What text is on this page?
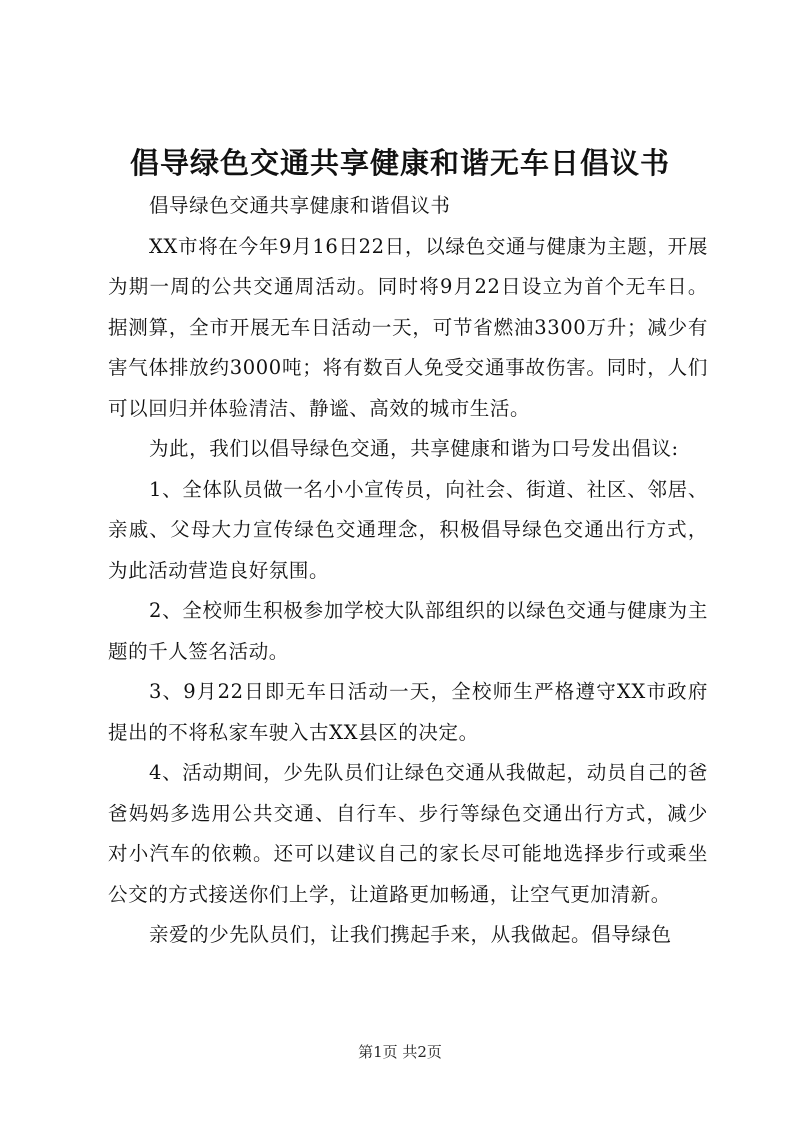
倡导绿色交通共享健康和谐无车日倡议书

倡导绿色交通共享健康和谐倡议书

XX市将在今年9月16日22日，以绿色交通与健康为主题，开展为期一周的公共交通周活动。同时将9月22日设立为首个无车日。据测算，全市开展无车日活动一天，可节省燃油3300万升；减少有害气体排放约3000吨；将有数百人免受交通事故伤害。同时，人们可以回归并体验清洁、静谧、高效的城市生活。

为此，我们以倡导绿色交通，共享健康和谐为口号发出倡议:

1、全体队员做一名小小宣传员，向社会、街道、社区、邻居、亲戚、父母大力宣传绿色交通理念，积极倡导绿色交通出行方式，为此活动营造良好氛围。

2、全校师生积极参加学校大队部组织的以绿色交通与健康为主题的千人签名活动。

3、9月22日即无车日活动一天，全校师生严格遵守XX市政府提出的不将私家车驶入古XX县区的决定。

4、活动期间，少先队员们让绿色交通从我做起，动员自己的爸爸妈妈多选用公共交通、自行车、步行等绿色交通出行方式，减少对小汽车的依赖。还可以建议自己的家长尽可能地选择步行或乘坐公交的方式接送你们上学，让道路更加畅通，让空气更加清新。

亲爱的少先队员们，让我们携起手来，从我做起。倡导绿色

第1页 共2页
